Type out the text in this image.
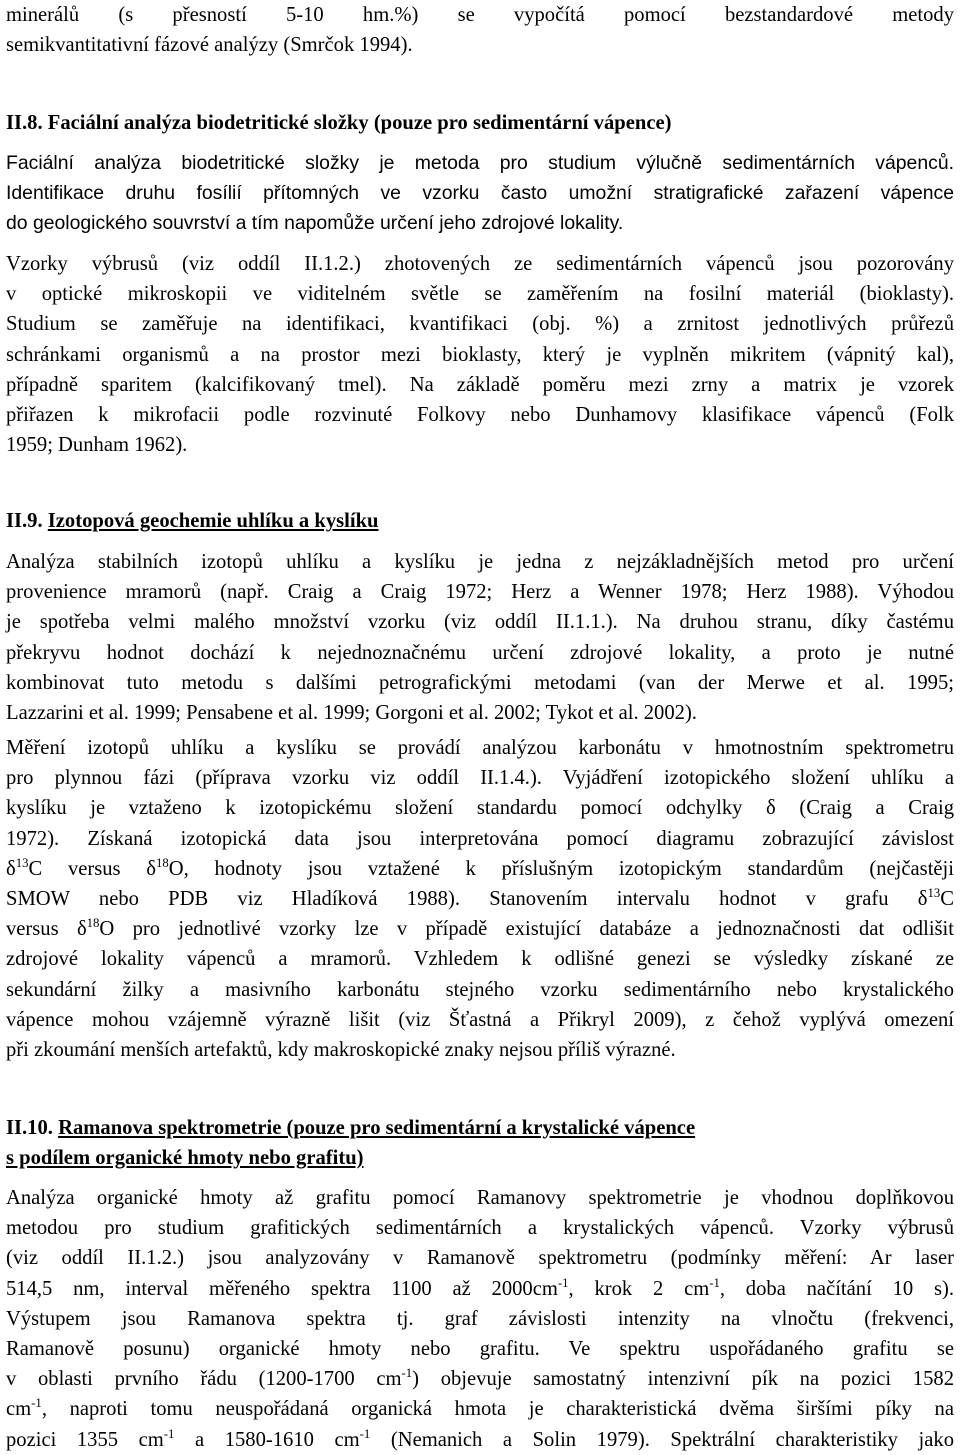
minerálů (s přesností 5-10 hm.%) se vypočítá pomocí bezstandardové metody
semikvantitativní fázové analýzy (Smrčok 1994).
II.8. Faciální analýza biodetritické složky (pouze pro sedimentární vápence)
Faciální analýza biodetritické složky je metoda pro studium výlučně sedimentárních vápenců.
Identifikace druhu fosílií přítomných ve vzorku často umožní stratigrafické zařazení vápence
do geologického souvrství a tím napomůže určení jeho zdrojové lokality.
Vzorky výbrusů (viz oddíl II.1.2.) zhotovených ze sedimentárních vápenců jsou pozorovány
v optické mikroskopii ve viditelném světle se zaměřením na fosilní materiál (bioklasty).
Studium se zaměřuje na identifikaci, kvantifikaci (obj. %) a zrnitost jednotlivých průřezů
schránkami organismů a na prostor mezi bioklasty, který je vyplněn mikritem (vápnitý kal),
případně sparitem (kalcifikovaný tmel). Na základě poměru mezi zrny a matrix je vzorek
přiřazen k mikrofacii podle rozvinuté Folkovy nebo Dunhamovy klasifikace vápenců (Folk
1959; Dunham 1962).
II.9. Izotopová geochemie uhlíku a kyslíku
Analýza stabilních izotopů uhlíku a kyslíku je jedna z nejzákladnějších metod pro určení
provenience mramorů (např. Craig a Craig 1972; Herz a Wenner 1978; Herz 1988). Výhodou
je spotřeba velmi malého množství vzorku (viz oddíl II.1.1.). Na druhou stranu, díky častému
překryvu hodnot dochází k nejednoznačnému určení zdrojové lokality, a proto je nutné
kombinovat tuto metodu s dalšími petrografickými metodami (van der Merwe et al. 1995;
Lazzarini et al. 1999; Pensabene et al. 1999; Gorgoni et al. 2002; Tykot et al. 2002).
Měření izotopů uhlíku a kyslíku se provádí analýzou karbonátu v hmotnostním spektrometru
pro plynnou fázi (příprava vzorku viz oddíl II.1.4.). Vyjádření izotopického složení uhlíku a
kyslíku je vztaženo k izotopickému složení standardu pomocí odchylky δ (Craig a Craig
1972). Získaná izotopická data jsou interpretována pomocí diagramu zobrazující závislost
$\delta^{13}C$ versus $\delta^{18}O$, hodnoty jsou vztažené k příslušným izotopickým standardům (nejčastěji
SMOW nebo PDB viz Hladíková 1988). Stanovením intervalu hodnot v grafu $\delta^{13}C$
versus $\delta^{18}O$ pro jednotlivé vzorky lze v případě existující databáze a jednoznačnosti dat odlišit
zdrojové lokality vápenců a mramorů. Vzhledem k odlišné genezi se výsledky získané ze
sekundární žilky a masivního karbonátu stejného vzorku sedimentárního nebo krystalického
vápence mohou vzájemně výrazně lišit (viz Šťastná a Přikryl 2009), z čehož vyplývá omezení
při zkoumání menších artefaktů, kdy makroskopické znaky nejsou příliš výrazné.
II.10. Ramanova spektrometrie (pouze pro sedimentární a krystalické vápence
s podílem organické hmoty nebo grafitu)
Analýza organické hmoty až grafitu pomocí Ramanovy spektrometrie je vhodnou doplňkovou
metodou pro studium grafitických sedimentárních a krystalických vápenců. Vzorky výbrusů
(viz oddíl II.1.2.) jsou analyzovány v Ramanově spektrometru (podmínky měření: Ar laser
514,5 nm, interval měřeného spektra 1100 až $2000cm^{-1}$, krok 2 $cm^{-1}$, doba načítání 10 s).
Výstupem jsou Ramanova spektra tj. graf závislosti intenzity na vlnočtu (frekvenci,
Ramanově posunu) organické hmoty nebo grafitu. Ve spektru uspořádaného grafitu se
v oblasti prvního řádu (1200-1700 $cm^{-1}$) objevuje samostatný intenzivní pík na pozici 1582
$cm^{-1}$, naproti tomu neuspořádaná organická hmota je charakteristická dvěma širšími píky na
pozici 1355 $cm^{-1}$ a 1580-1610 $cm^{-1}$ (Nemanich a Solin 1979). Spektrální charakteristiky jako
